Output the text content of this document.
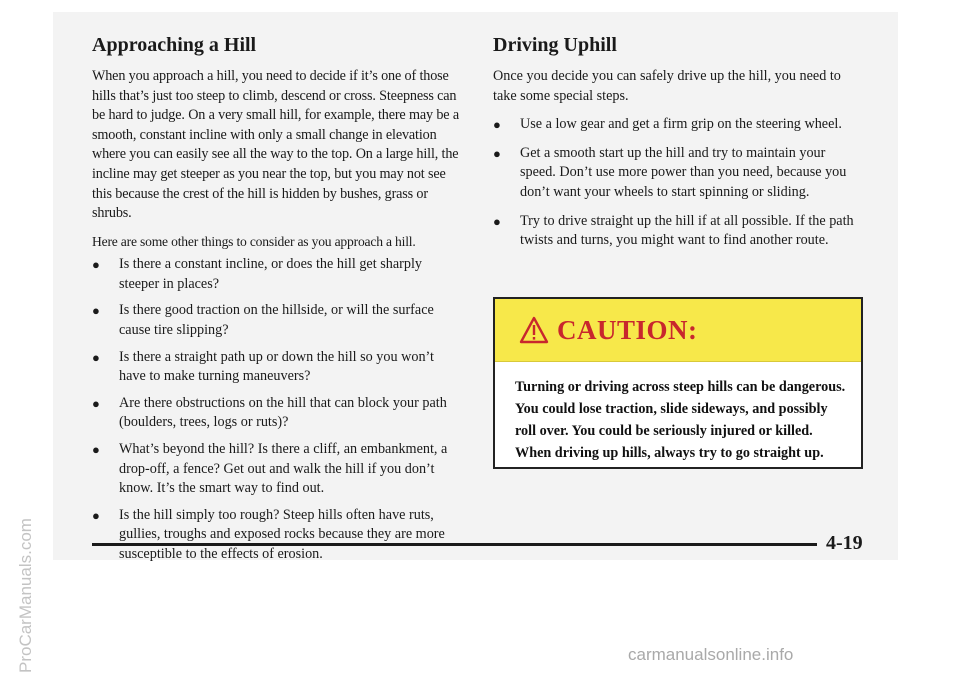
Approaching a Hill

When you approach a hill, you need to decide if it’s one of those hills that’s just too steep to climb, descend or cross. Steepness can be hard to judge. On a very small hill, for example, there may be a smooth, constant incline with only a small change in elevation where you can easily see all the way to the top. On a large hill, the incline may get steeper as you near the top, but you may not see this because the crest of the hill is hidden by bushes, grass or shrubs.

Here are some other things to consider as you approach a hill.

● Is there a constant incline, or does the hill get sharply steeper in places?
● Is there good traction on the hillside, or will the surface cause tire slipping?
● Is there a straight path up or down the hill so you won’t have to make turning maneuvers?
● Are there obstructions on the hill that can block your path (boulders, trees, logs or ruts)?
● What’s beyond the hill? Is there a cliff, an embankment, a drop-off, a fence? Get out and walk the hill if you don’t know. It’s the smart way to find out.
● Is the hill simply too rough? Steep hills often have ruts, gullies, troughs and exposed rocks because they are more susceptible to the effects of erosion.
Driving Uphill

Once you decide you can safely drive up the hill, you need to take some special steps.

● Use a low gear and get a firm grip on the steering wheel.
● Get a smooth start up the hill and try to maintain your speed. Don’t use more power than you need, because you don’t want your wheels to start spinning or sliding.
● Try to drive straight up the hill if at all possible. If the path twists and turns, you might want to find another route.
CAUTION:
Turning or driving across steep hills can be dangerous. You could lose traction, slide sideways, and possibly roll over. You could be seriously injured or killed. When driving up hills, always try to go straight up.
4-19
ProCarManuals.com	carmanualsonline.info
